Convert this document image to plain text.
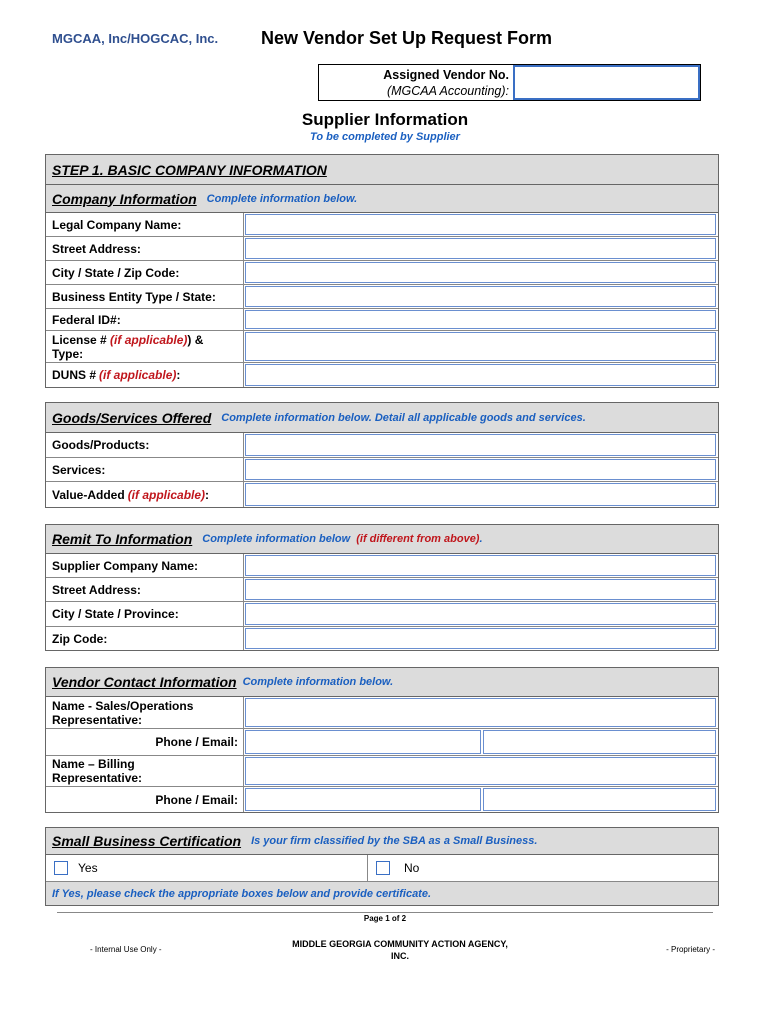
MGCAA, Inc/HOGCAC, Inc. New Vendor Set Up Request Form
Assigned Vendor No.
(MGCAA Accounting):
Supplier Information
To be completed by Supplier
STEP 1. BASIC COMPANY INFORMATION
Company Information Complete information below.
Legal Company Name:
Street Address:
City / State / Zip Code:
Business Entity Type / State:
Federal ID#:
License # (if applicable)) &
Type:
DUNS # (if applicable) :
Goods/Services Offered Complete information below. Detail all applicable goods and services.
Goods/Products:
Services:
Value-Added (if applicable) :
Remit To Information Complete information below (if different from above).
Supplier Company Name:
Street Address:
City / State / Province:
Zip Code:
Vendor Contact Information Complete information below.
Name - Sales/Operations
Representative:
Phone / Email:
Name – Billing
Representative:
Phone / Email:
Small Business Certification Is your firm classified by the SBA as a Small Business.
Yes	No
If Yes, please check the appropriate boxes below and provide certificate.
Page 1 of 2
- Internal Use Only -
MIDDLE GEORGIA COMMUNITY ACTION AGENCY,
INC.
- Proprietary -
